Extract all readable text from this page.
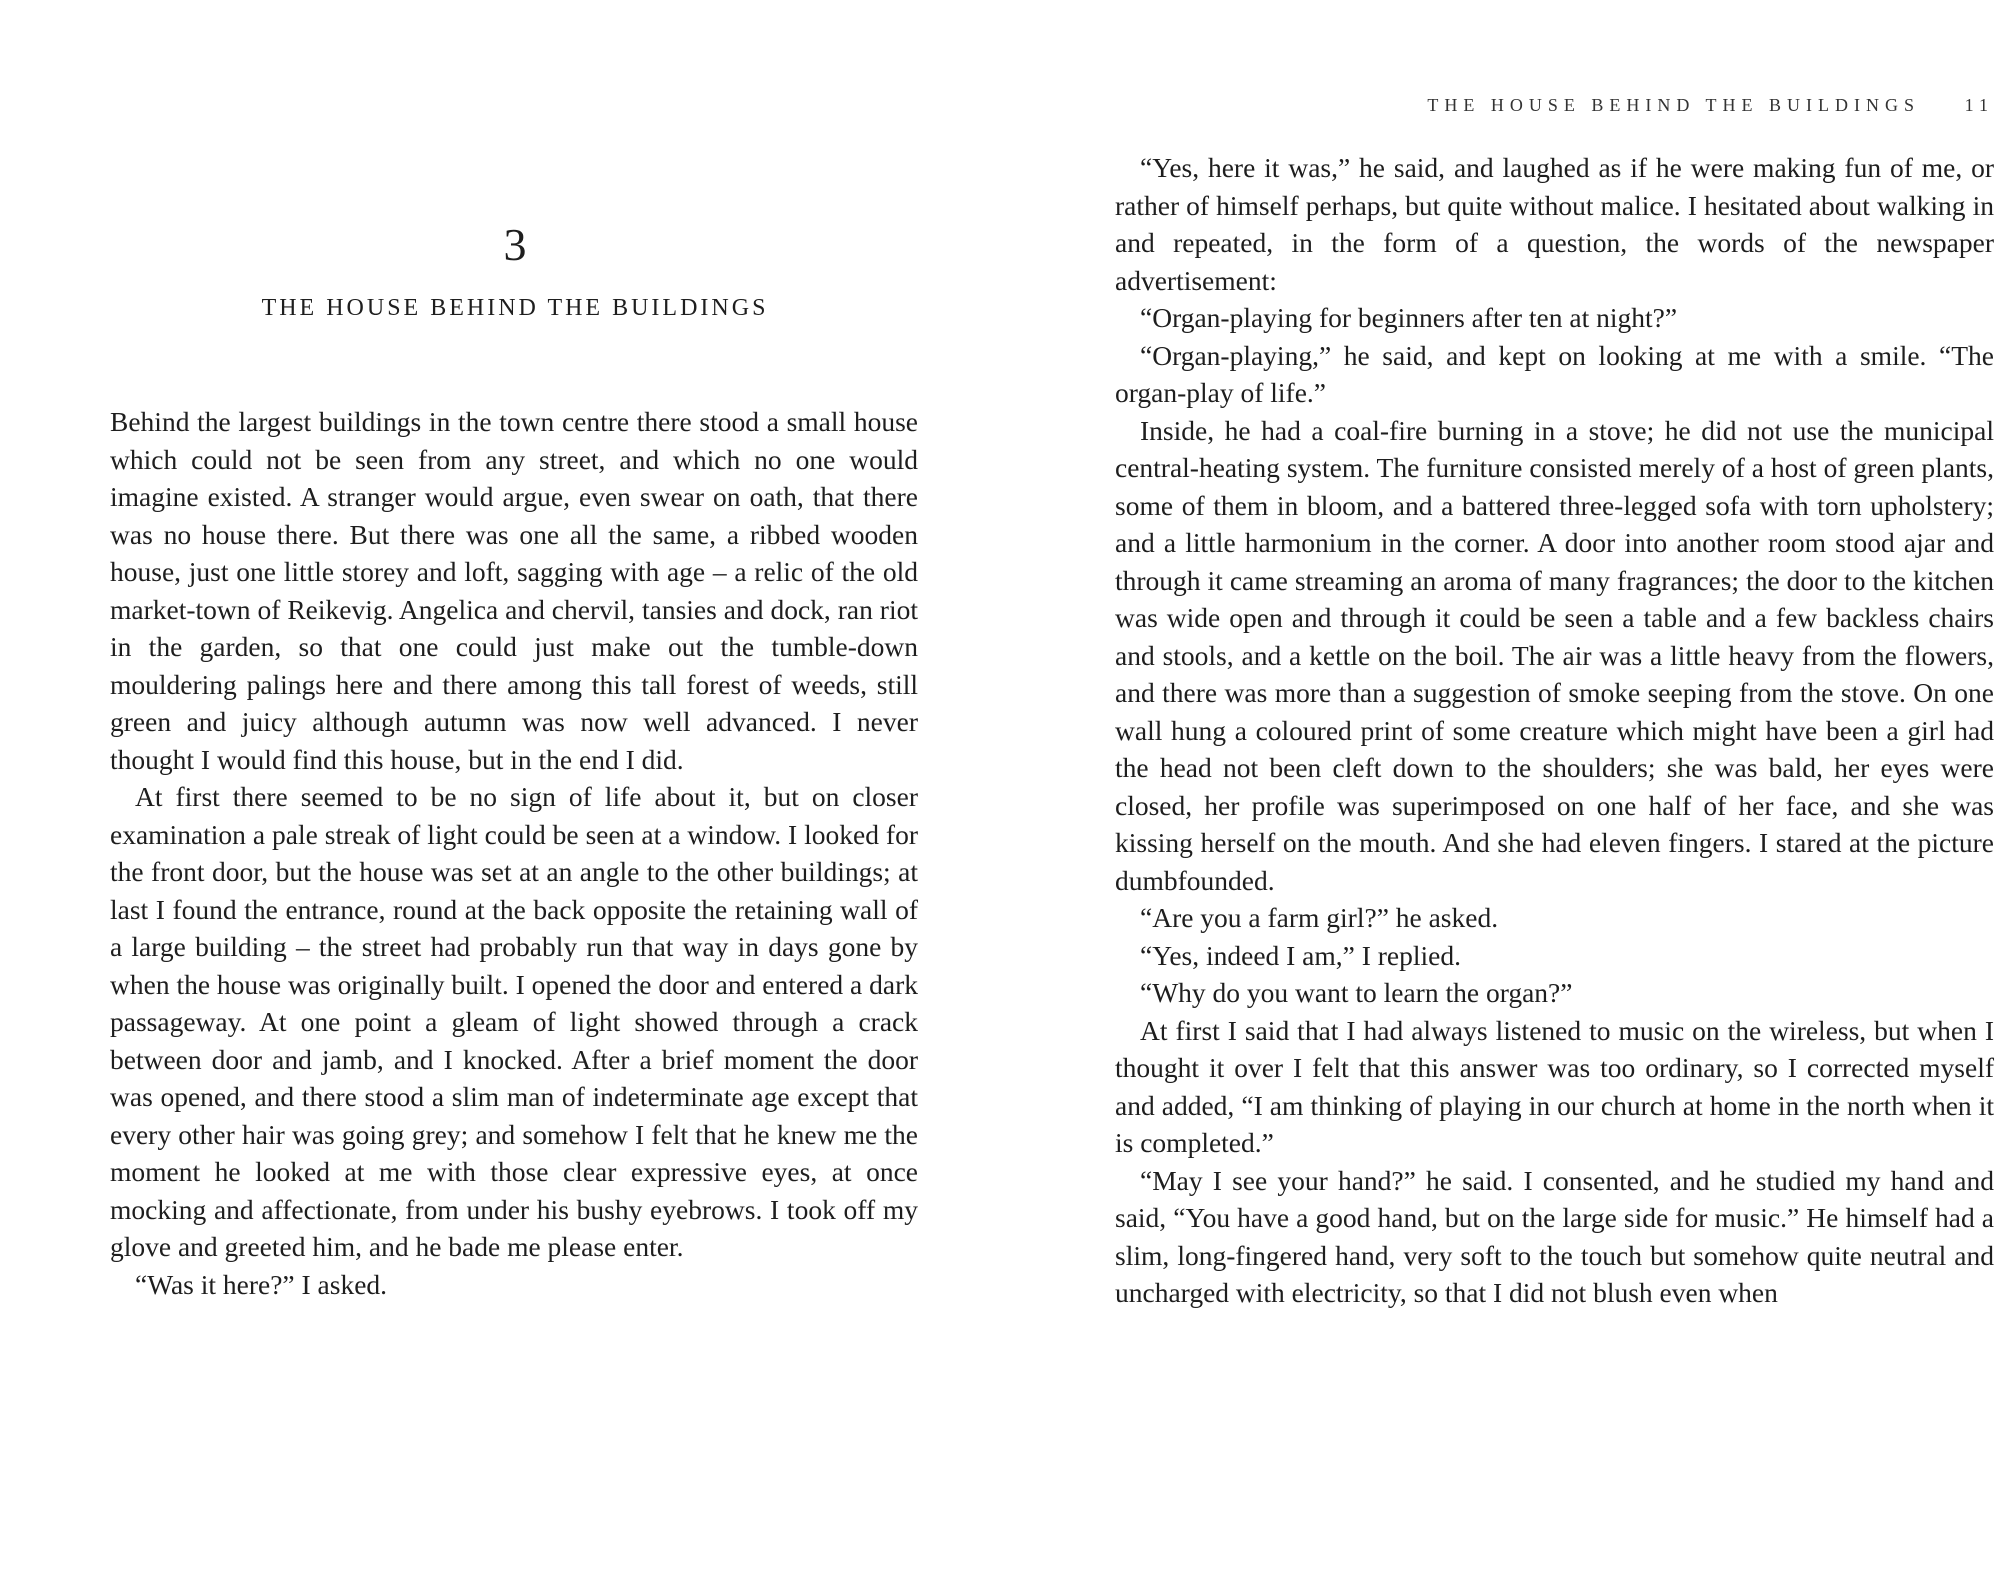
3
THE HOUSE BEHIND THE BUILDINGS

Behind the largest buildings in the town centre there stood a small house which could not be seen from any street, and which no one would imagine existed. A stranger would argue, even swear on oath, that there was no house there. But there was one all the same, a ribbed wooden house, just one little storey and loft, sagging with age – a relic of the old market-town of Reikevig. Angelica and chervil, tansies and dock, ran riot in the garden, so that one could just make out the tumble-down mouldering palings here and there among this tall forest of weeds, still green and juicy although autumn was now well advanced. I never thought I would find this house, but in the end I did.

At first there seemed to be no sign of life about it, but on closer examination a pale streak of light could be seen at a window. I looked for the front door, but the house was set at an angle to the other buildings; at last I found the entrance, round at the back opposite the retaining wall of a large building – the street had probably run that way in days gone by when the house was originally built. I opened the door and entered a dark passageway. At one point a gleam of light showed through a crack between door and jamb, and I knocked. After a brief moment the door was opened, and there stood a slim man of indeterminate age except that every other hair was going grey; and somehow I felt that he knew me the moment he looked at me with those clear expressive eyes, at once mocking and affectionate, from under his bushy eyebrows. I took off my glove and greeted him, and he bade me please enter.

“Was it here?” I asked.

THE HOUSE BEHIND THE BUILDINGS	11

“Yes, here it was,” he said, and laughed as if he were making fun of me, or rather of himself perhaps, but quite without malice. I hesitated about walking in and repeated, in the form of a question, the words of the newspaper advertisement:

“Organ-playing for beginners after ten at night?”

“Organ-playing,” he said, and kept on looking at me with a smile. “The organ-play of life.”

Inside, he had a coal-fire burning in a stove; he did not use the municipal central-heating system. The furniture consisted merely of a host of green plants, some of them in bloom, and a battered three-legged sofa with torn upholstery; and a little harmonium in the corner. A door into another room stood ajar and through it came streaming an aroma of many fragrances; the door to the kitchen was wide open and through it could be seen a table and a few backless chairs and stools, and a kettle on the boil. The air was a little heavy from the flowers, and there was more than a suggestion of smoke seeping from the stove. On one wall hung a coloured print of some creature which might have been a girl had the head not been cleft down to the shoulders; she was bald, her eyes were closed, her profile was superimposed on one half of her face, and she was kissing herself on the mouth. And she had eleven fingers. I stared at the picture dumbfounded.

“Are you a farm girl?” he asked.

“Yes, indeed I am,” I replied.

“Why do you want to learn the organ?”

At first I said that I had always listened to music on the wireless, but when I thought it over I felt that this answer was too ordinary, so I corrected myself and added, “I am thinking of playing in our church at home in the north when it is completed.”

“May I see your hand?” he said. I consented, and he studied my hand and said, “You have a good hand, but on the large side for music.” He himself had a slim, long-fingered hand, very soft to the touch but somehow quite neutral and uncharged with electricity, so that I did not blush even when
